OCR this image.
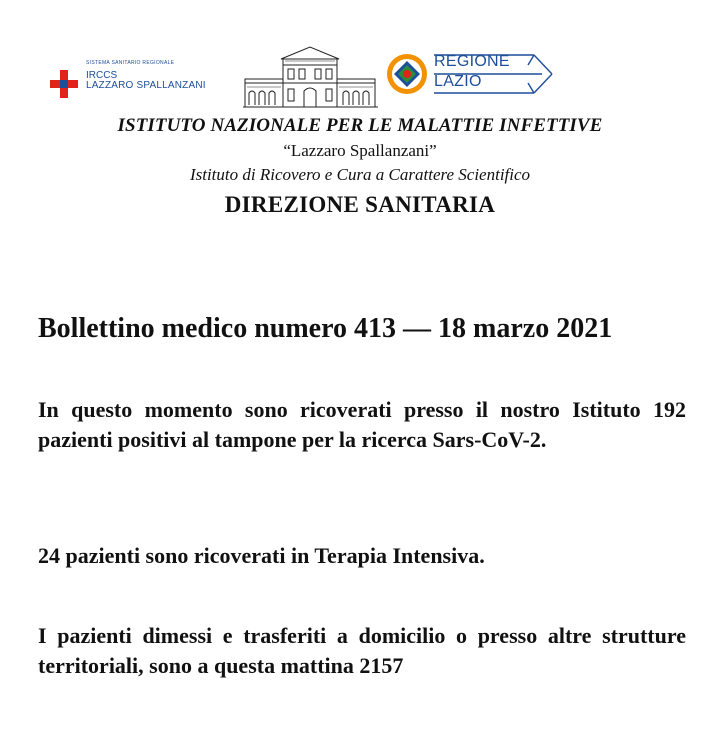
SISTEMA SANITARIO REGIONALE
IRCCS
LAZZARO SPALLANZANI
REGIONE
LAZIO
ISTITUTO NAZIONALE PER LE MALATTIE INFETTIVE
“Lazzaro Spallanzani”
Istituto di Ricovero e Cura a Carattere Scientifico
DIREZIONE SANITARIA
Bollettino medico numero 413 — 18 marzo 2021
In questo momento sono ricoverati presso il nostro Istituto 192 pazienti positivi al tampone per la ricerca Sars-CoV-2.
24 pazienti sono ricoverati in Terapia Intensiva.
I pazienti dimessi e trasferiti a domicilio o presso altre strutture territoriali, sono a questa mattina 2157
